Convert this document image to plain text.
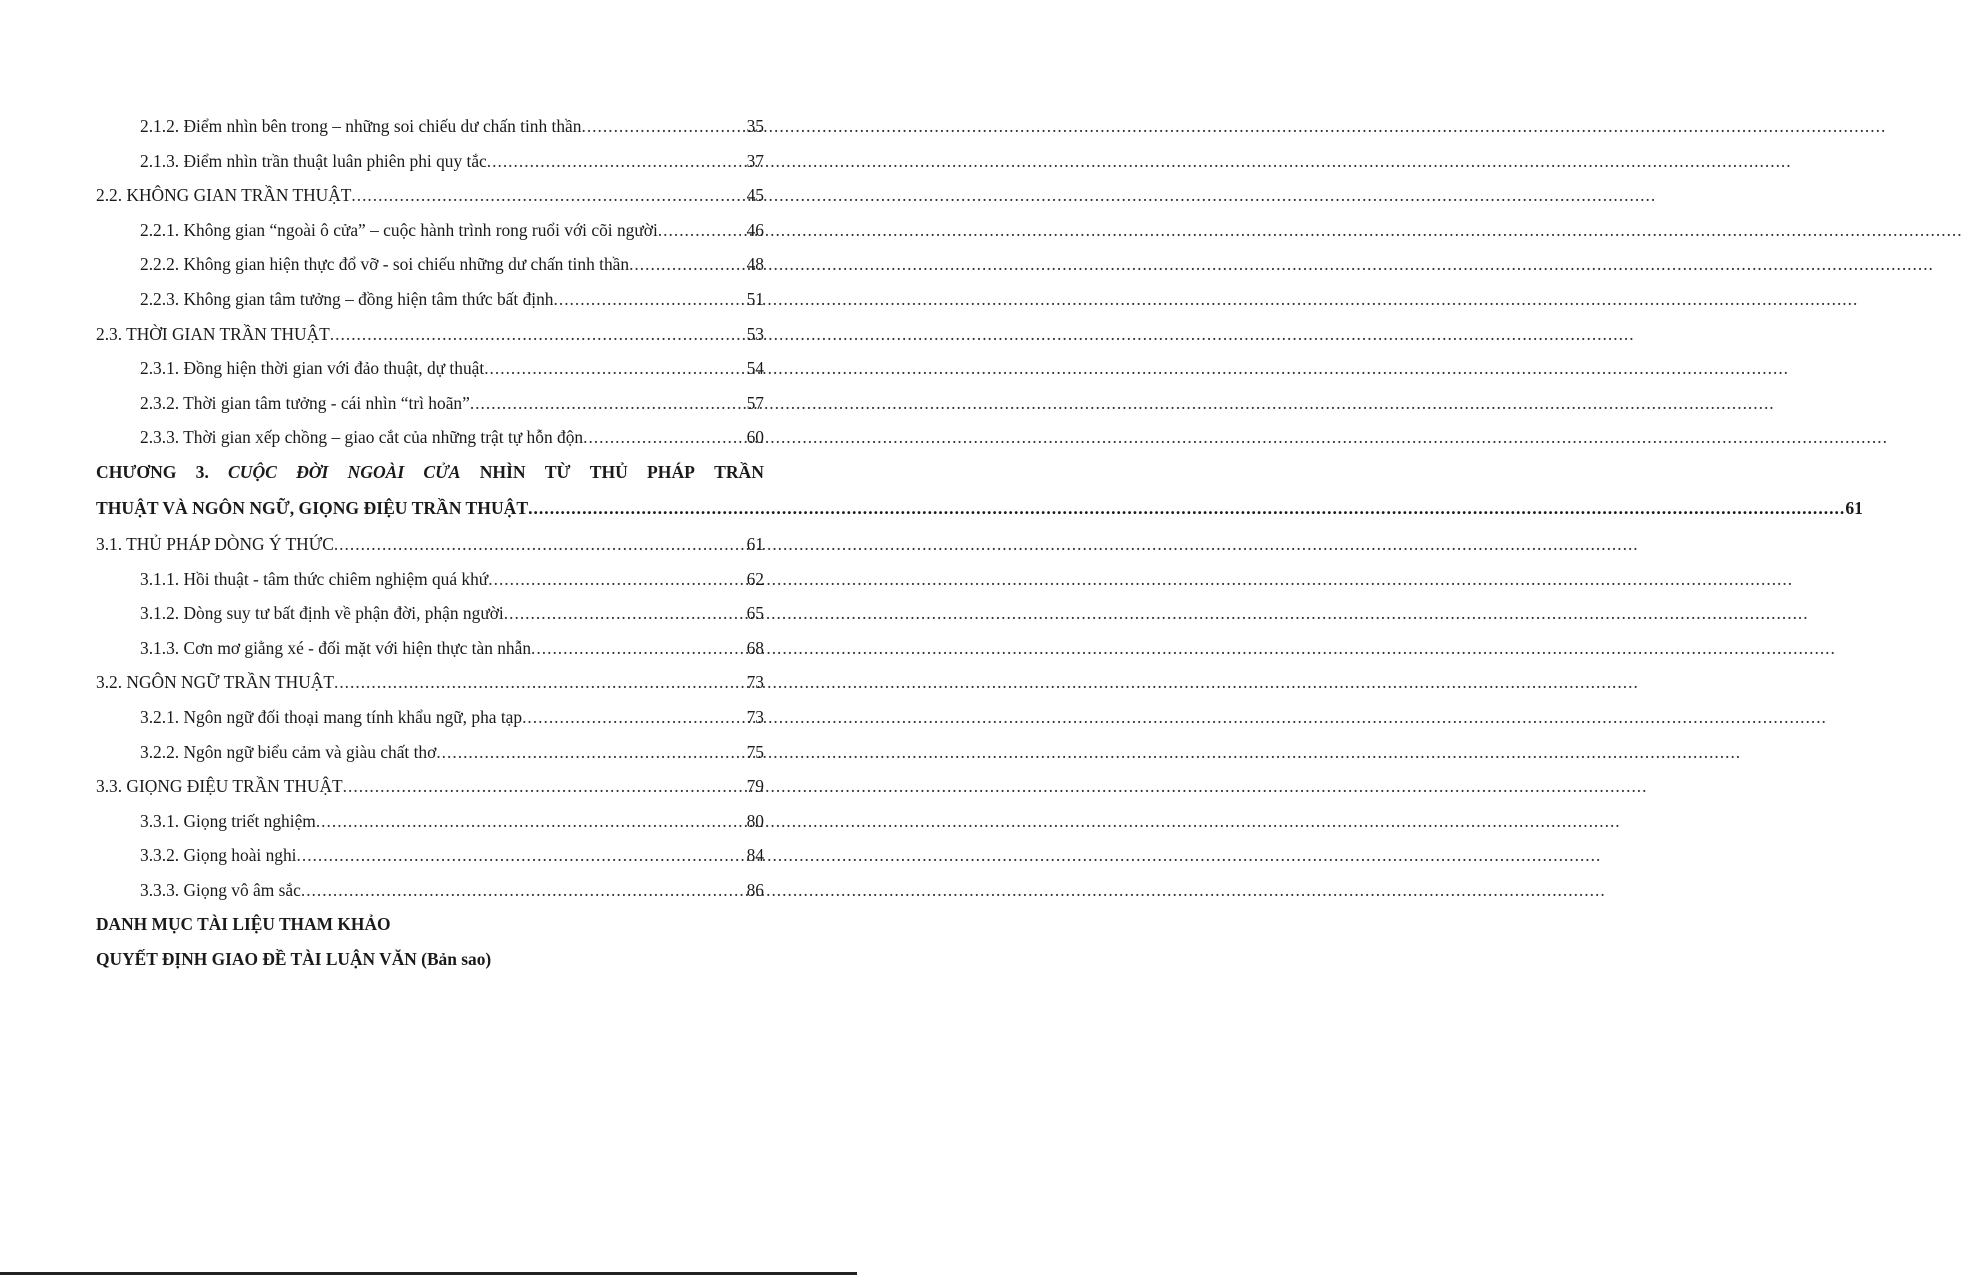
2.1.2. Điểm nhìn bên trong – những soi chiếu dư chấn tinh thần .....	35
2.1.3. Điểm nhìn trần thuật luân phiên phi quy tắc .....	37
2.2. KHÔNG GIAN TRẦN THUẬT .....	45
2.2.1. Không gian “ngoài ô cửa” – cuộc hành trình rong ruổi với cõi người .....	46
2.2.2. Không gian hiện thực đổ vỡ - soi chiếu những dư chấn tinh thần .....	48
2.2.3. Không gian tâm tưởng – đồng hiện tâm thức bất định .....	51
2.3. THỜI GIAN TRẦN THUẬT .....	53
2.3.1. Đồng hiện thời gian với đảo thuật, dự thuật .....	54
2.3.2. Thời gian tâm tưởng - cái nhìn “trì hoãn” .....	57
2.3.3. Thời gian xếp chồng – giao cắt của những trật tự hỗn độn .....	60
CHƯƠNG 3. CUỘC ĐỜI NGOÀI CỬA NHÌN TỪ THỦ PHÁP TRẦN
THUẬT VÀ NGÔN NGỮ, GIỌNG ĐIỆU TRẦN THUẬT .....	61
3.1. THỦ PHÁP DÒNG Ý THỨC .....	61
3.1.1. Hồi thuật - tâm thức chiêm nghiệm quá khứ .....	62
3.1.2. Dòng suy tư bất định về phận đời, phận người .....	65
3.1.3. Cơn mơ giằng xé - đối mặt với hiện thực tàn nhẫn .....	68
3.2. NGÔN NGỮ TRẦN THUẬT .....	73
3.2.1. Ngôn ngữ đối thoại mang tính khẩu ngữ, pha tạp .....	73
3.2.2. Ngôn ngữ biểu cảm và giàu chất thơ .....	75
3.3. GIỌNG ĐIỆU TRẦN THUẬT .....	79
3.3.1. Giọng triết nghiệm .....	80
3.3.2. Giọng hoài nghi .....	84
3.3.3. Giọng vô âm sắc .....	86
DANH MỤC TÀI LIỆU THAM KHẢO
QUYẾT ĐỊNH GIAO ĐỀ TÀI LUẬN VĂN (Bản sao)
